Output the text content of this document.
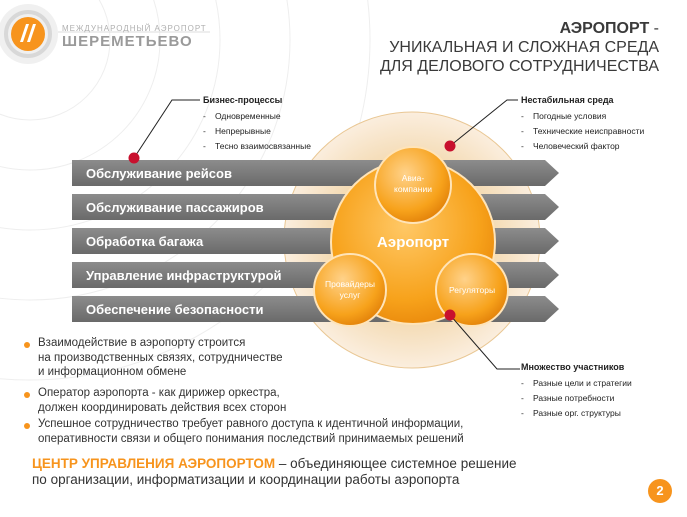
МЕЖДУНАРОДНЫЙ АЭРОПОРТ
ШЕРЕМЕТЬЕВО
АЭРОПОРТ -
УНИКАЛЬНАЯ И СЛОЖНАЯ СРЕДА
ДЛЯ ДЕЛОВОГО СОТРУДНИЧЕСТВА
Обслуживание рейсов
Обслуживание пассажиров
Обработка багажа
Управление инфраструктурой
Обеспечение безопасности
Аэропорт
Авиа-
компании
Провайдеры
услуг	Регуляторы
Бизнес-процессы
- Одновременные
- Непрерывные
- Тесно взаимосвязанные
Нестабильная среда
- Погодные условия
- Технические неисправности
- Человеческий фактор
Множество участников
- Разные цели и стратегии
- Разные потребности
- Разные орг. структуры
Взаимодействие в аэропорту строится
на производственных связях, сотрудничестве
и информационном обмене
Оператор аэропорта - как дирижер оркестра,
должен координировать действия всех сторон
Успешное сотрудничество требует равного доступа к идентичной информации,
оперативности связи и общего понимания последствий принимаемых решений
ЦЕНТР УПРАВЛЕНИЯ АЭРОПОРТОМ – объединяющее системное решение
по организации, информатизации и координации работы аэропорта
2
